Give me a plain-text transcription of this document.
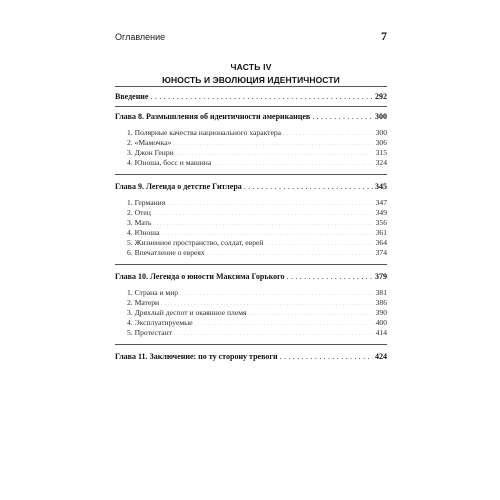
Оглавление	7
ЧАСТЬ IV
ЮНОСТЬ И ЭВОЛЮЦИЯ ИДЕНТИЧНОСТИ
Введение . . .	292
Глава 8. Размышления об идентичности американцев . . .	300
1. Полярные качества национального характера . . .	300
2. «Мамочка» . . .	306
3. Джон Генри . . .	315
4. Юноша, босс и машина . . .	324
Глава 9. Легенда о детстве Гитлера . . .	345
1. Германия . . .	347
2. Отец . . .	349
3. Мать . . .	356
4. Юноша . . .	361
5. Жизненное пространство, солдат, еврей . . .	364
6. Впечатление о евреях . . .	374
Глава 10. Легенда о юности Максима Горького . . .	379
1. Страна и мир . . .	381
2. Матери . . .	386
3. Дряхлый деспот и окаянное племя . . .	390
4. Эксплуатируемые . . .	400
5. Протестант . . .	414
Глава 11. Заключение: по ту сторону тревоги . . .	424
